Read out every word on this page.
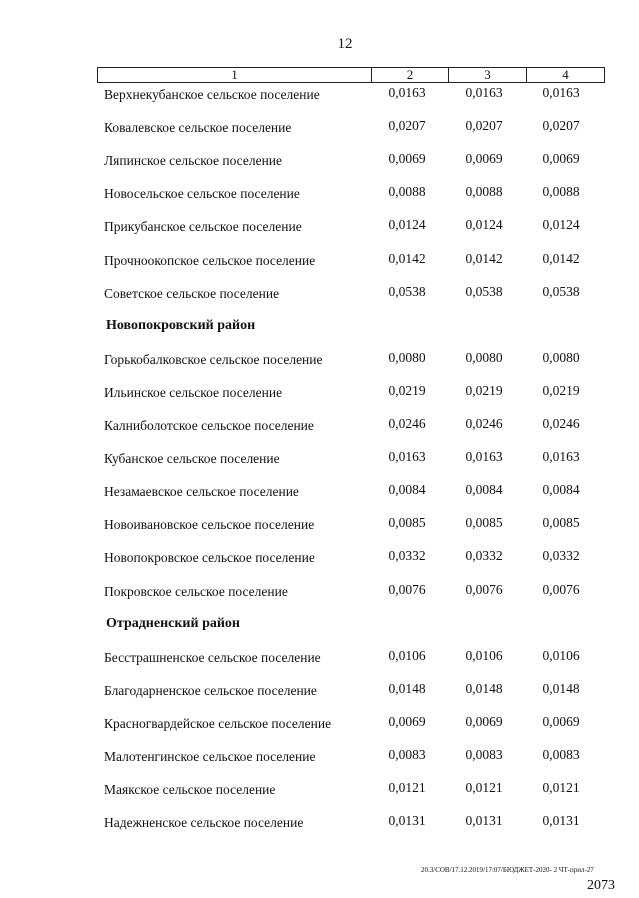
12
1	2	3	4
Верхнекубанское сельское поселение	0,0163	0,0163	0,0163
Ковалевское сельское поселение	0,0207	0,0207	0,0207
Ляпинское сельское поселение	0,0069	0,0069	0,0069
Новосельское сельское поселение	0,0088	0,0088	0,0088
Прикубанское сельское поселение	0,0124	0,0124	0,0124
Прочноокопское сельское поселение	0,0142	0,0142	0,0142
Советское сельское поселение	0,0538	0,0538	0,0538
Новопокровский район
Горькобалковское сельское поселение	0,0080	0,0080	0,0080
Ильинское сельское поселение	0,0219	0,0219	0,0219
Калниболотское сельское поселение	0,0246	0,0246	0,0246
Кубанское сельское поселение	0,0163	0,0163	0,0163
Незамаевское сельское поселение	0,0084	0,0084	0,0084
Новоивановское сельское поселение	0,0085	0,0085	0,0085
Новопокровское сельское поселение	0,0332	0,0332	0,0332
Покровское сельское поселение	0,0076	0,0076	0,0076
Отрадненский район
Бесстрашненское сельское поселение	0,0106	0,0106	0,0106
Благодарненское сельское поселение	0,0148	0,0148	0,0148
Красногвардейское сельское поселение	0,0069	0,0069	0,0069
Малотенгинское сельское поселение	0,0083	0,0083	0,0083
Маякское сельское поселение	0,0121	0,0121	0,0121
Надежненское сельское поселение	0,0131	0,0131	0,0131
20.3/СОВ/17.12.2019/17:07/БЮДЖЕТ-2020- 2 ЧТ-прил-27
2073
